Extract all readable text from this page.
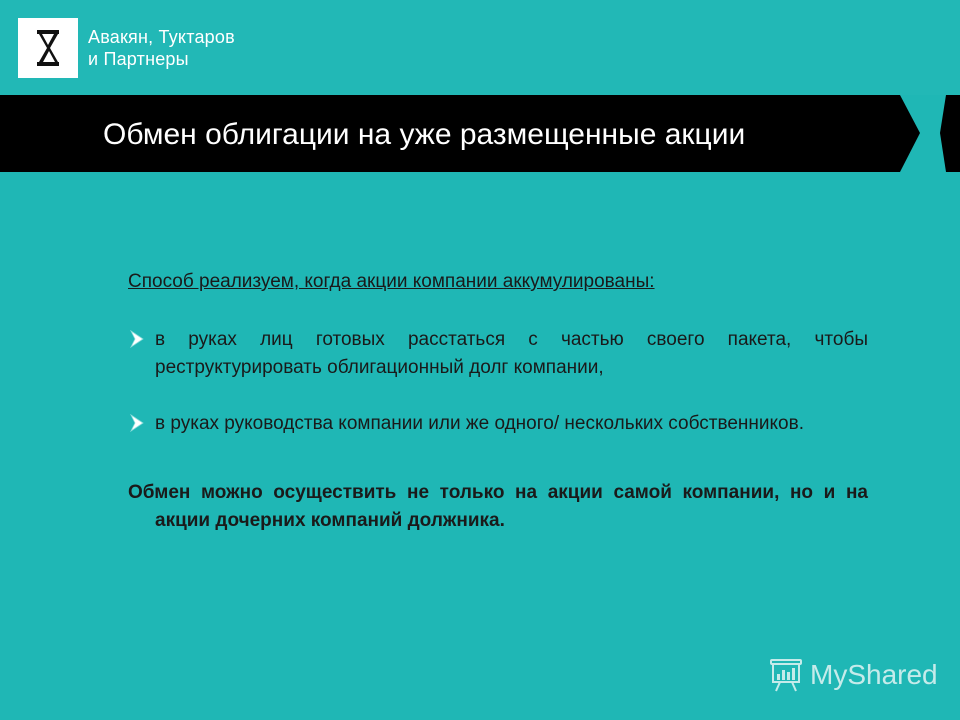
Авакян, Туктаров
и Партнеры
Обмен облигации на уже размещенные акции
Способ реализуем, когда акции компании аккумулированы:
в руках лиц готовых расстаться с частью своего пакета, чтобы реструктурировать облигационный долг компании,
в руках руководства компании или же одного/ нескольких собственников.
Обмен можно осуществить не только на акции самой компании, но и на акции дочерних компаний должника.
MyShared
